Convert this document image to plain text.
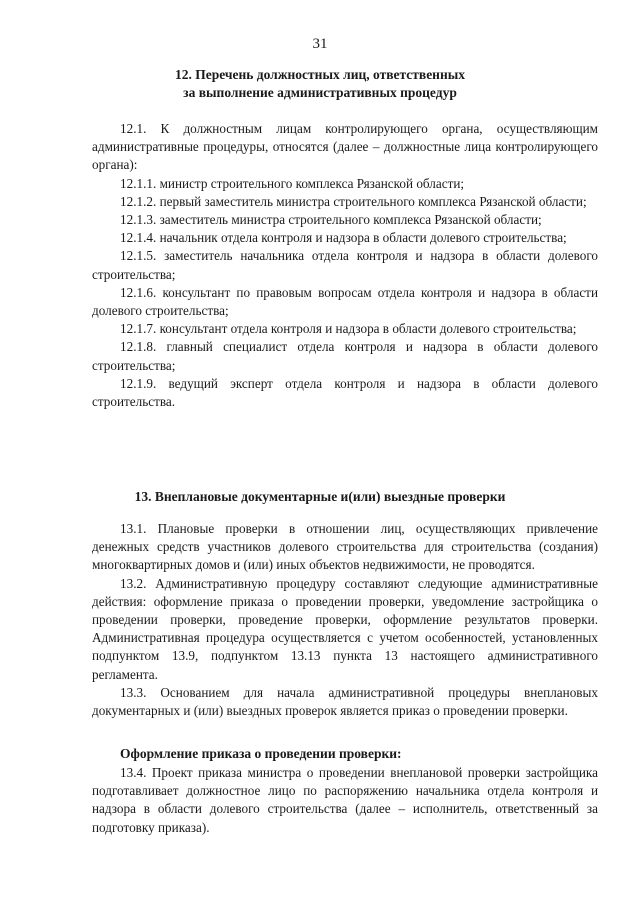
31
12. Перечень должностных лиц, ответственных
за выполнение административных процедур

12.1. К должностным лицам контролирующего органа, осуществляющим административные процедуры, относятся (далее – должностные лица контролирующего органа):

12.1.1. министр строительного комплекса Рязанской области;

12.1.2. первый заместитель министра строительного комплекса Рязанской области;

12.1.3. заместитель министра строительного комплекса Рязанской области;

12.1.4. начальник отдела контроля и надзора в области долевого строительства;

12.1.5. заместитель начальника отдела контроля и надзора в области долевого строительства;

12.1.6. консультант по правовым вопросам отдела контроля и надзора в области долевого строительства;

12.1.7. консультант отдела контроля и надзора в области долевого строительства;

12.1.8. главный специалист отдела контроля и надзора в области долевого строительства;

12.1.9. ведущий эксперт отдела контроля и надзора в области долевого строительства.

13. Внеплановые документарные и(или) выездные проверки

13.1. Плановые проверки в отношении лиц, осуществляющих привлечение денежных средств участников долевого строительства для строительства (создания) многоквартирных домов и (или) иных объектов недвижимости, не проводятся.

13.2. Административную процедуру составляют следующие административные действия: оформление приказа о проведении проверки, уведомление застройщика о проведении проверки, проведение проверки, оформление результатов проверки. Административная процедура осуществляется с учетом особенностей, установленных подпунктом 13.9, подпунктом 13.13 пункта 13 настоящего административного регламента.

13.3. Основанием для начала административной процедуры внеплановых документарных и (или) выездных проверок является приказ о проведении проверки.

Оформление приказа о проведении проверки:

13.4. Проект приказа министра о проведении внеплановой проверки застройщика подготавливает должностное лицо по распоряжению начальника отдела контроля и надзора в области долевого строительства (далее – исполнитель, ответственный за подготовку приказа).
